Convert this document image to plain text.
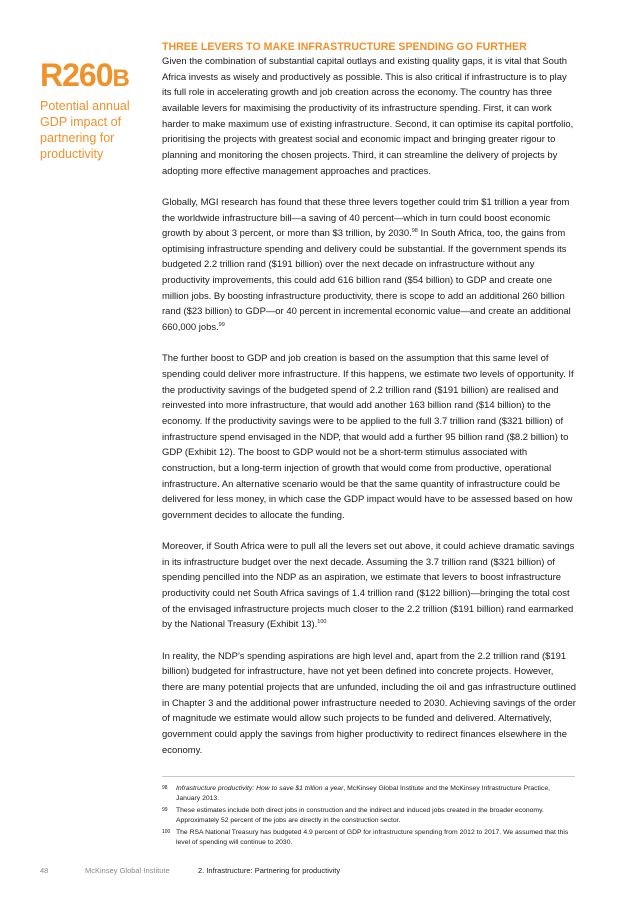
R260B
Potential annual GDP impact of partnering for productivity
THREE LEVERS TO MAKE INFRASTRUCTURE SPENDING GO FURTHER

Given the combination of substantial capital outlays and existing quality gaps, it is vital that South Africa invests as wisely and productively as possible. This is also critical if infrastructure is to play its full role in accelerating growth and job creation across the economy. The country has three available levers for maximising the productivity of its infrastructure spending. First, it can work harder to make maximum use of existing infrastructure. Second, it can optimise its capital portfolio, prioritising the projects with greatest social and economic impact and bringing greater rigour to planning and monitoring the chosen projects. Third, it can streamline the delivery of projects by adopting more effective management approaches and practices.

Globally, MGI research has found that these three levers together could trim $1 trillion a year from the worldwide infrastructure bill—a saving of 40 percent—which in turn could boost economic growth by about 3 percent, or more than $3 trillion, by 2030.98 In South Africa, too, the gains from optimising infrastructure spending and delivery could be substantial. If the government spends its budgeted 2.2 trillion rand ($191 billion) over the next decade on infrastructure without any productivity improvements, this could add 616 billion rand ($54 billion) to GDP and create one million jobs. By boosting infrastructure productivity, there is scope to add an additional 260 billion rand ($23 billion) to GDP—or 40 percent in incremental economic value—and create an additional 660,000 jobs.$^{99}$

The further boost to GDP and job creation is based on the assumption that this same level of spending could deliver more infrastructure. If this happens, we estimate two levels of opportunity. If the productivity savings of the budgeted spend of 2.2 trillion rand ($191 billion) are realised and reinvested into more infrastructure, that would add another 163 billion rand ($14 billion) to the economy. If the productivity savings were to be applied to the full 3.7 trillion rand ($321 billion) of infrastructure spend envisaged in the NDP, that would add a further 95 billion rand ($8.2 billion) to GDP (Exhibit 12). The boost to GDP would not be a short-term stimulus associated with construction, but a long-term injection of growth that would come from productive, operational infrastructure. An alternative scenario would be that the same quantity of infrastructure could be delivered for less money, in which case the GDP impact would have to be assessed based on how government decides to allocate the funding.

Moreover, if South Africa were to pull all the levers set out above, it could achieve dramatic savings in its infrastructure budget over the next decade. Assuming the 3.7 trillion rand ($321 billion) of spending pencilled into the NDP as an aspiration, we estimate that levers to boost infrastructure productivity could net South Africa savings of 1.4 trillion rand ($122 billion)—bringing the total cost of the envisaged infrastructure projects much closer to the 2.2 trillion ($191 billion) rand earmarked by the National Treasury (Exhibit 13).$^{100}$

In reality, the NDP’s spending aspirations are high level and, apart from the 2.2 trillion rand ($191 billion) budgeted for infrastructure, have not yet been defined into concrete projects. However, there are many potential projects that are unfunded, including the oil and gas infrastructure outlined in Chapter 3 and the additional power infrastructure needed to 2030. Achieving savings of the order of magnitude we estimate would allow such projects to be funded and delivered. Alternatively, government could apply the savings from higher productivity to redirect finances elsewhere in the economy.

98 Infrastructure productivity: How to save $1 trillion a year, McKinsey Global Institute and the McKinsey Infrastructure Practice, January 2013.
99 These estimates include both direct jobs in construction and the indirect and induced jobs created in the broader economy. Approximately 52 percent of the jobs are directly in the construction sector.
100 The RSA National Treasury has budgeted 4.9 percent of GDP for infrastructure spending from 2012 to 2017. We assumed that this level of spending will continue to 2030.
48	McKinsey Global Institute	2. Infrastructure: Partnering for productivity
